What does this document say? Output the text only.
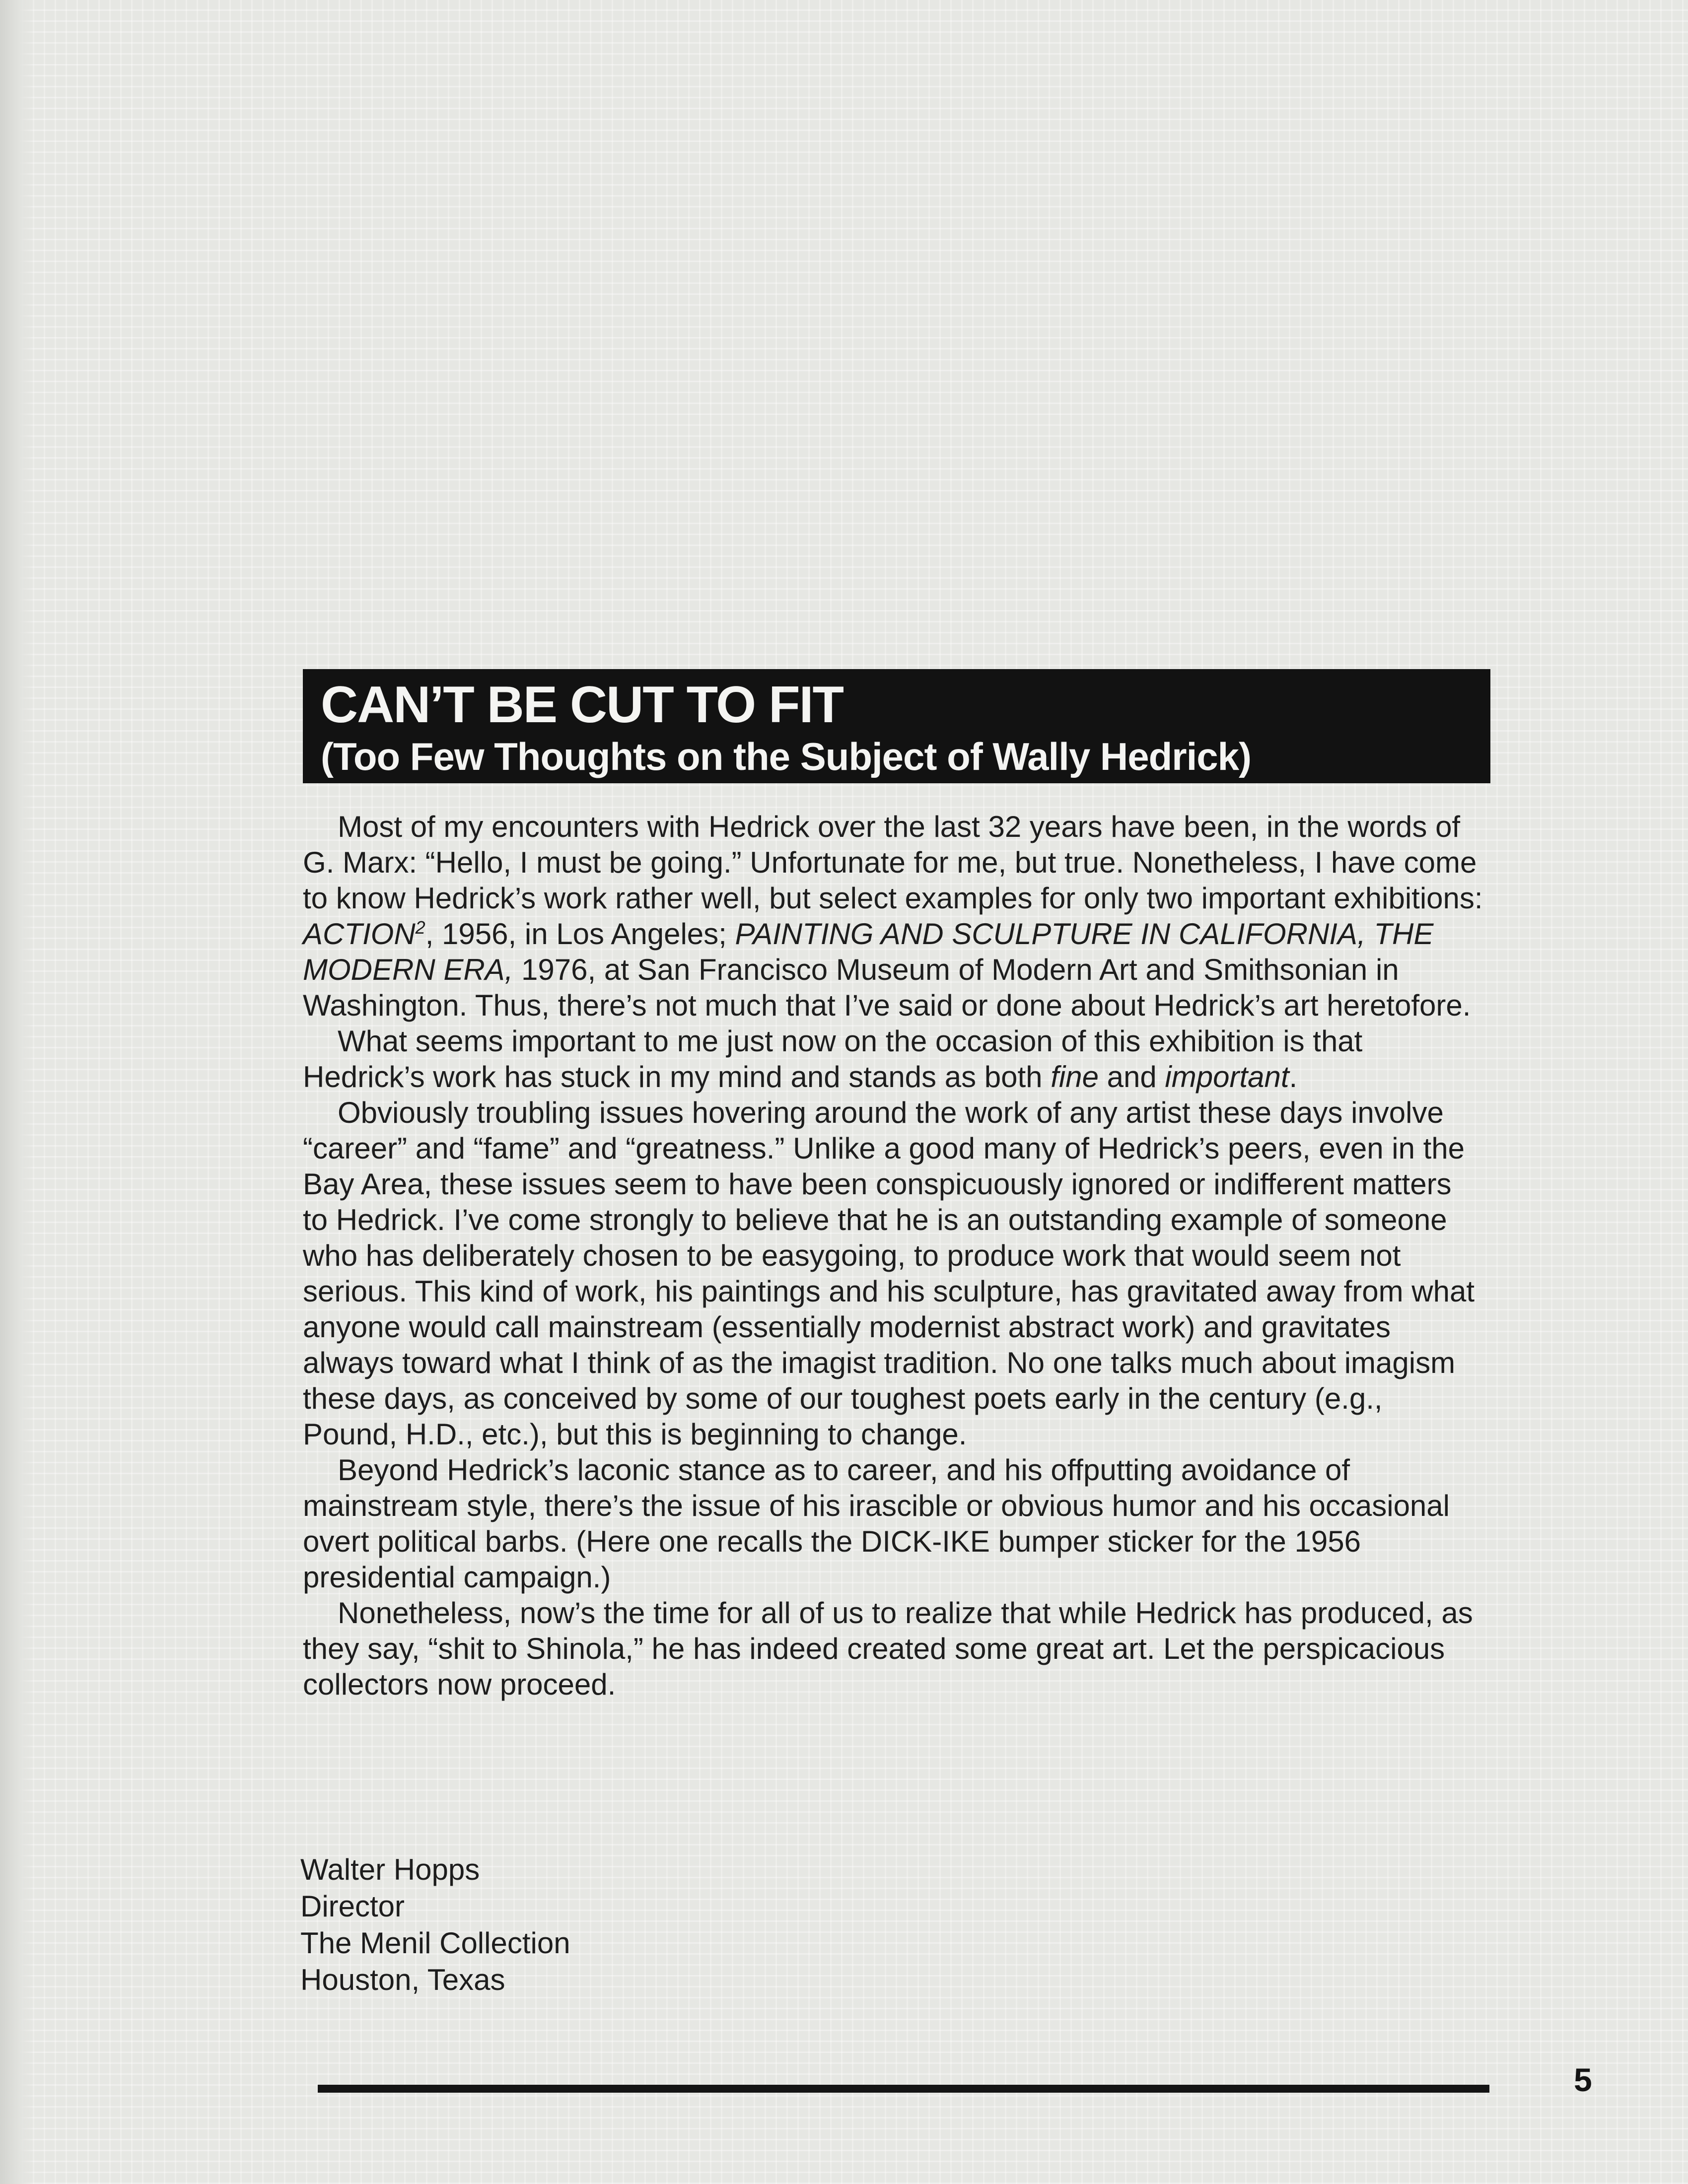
CAN’T BE CUT TO FIT
(Too Few Thoughts on the Subject of Wally Hedrick)

Most of my encounters with Hedrick over the last 32 years have been, in the words of G. Marx: “Hello, I must be going.” Unfortunate for me, but true. Nonetheless, I have come to know Hedrick’s work rather well, but select examples for only two important exhibitions: ACTION$^2$, 1956, in Los Angeles; PAINTING AND SCULPTURE IN CALIFORNIA, THE MODERN ERA, 1976, at San Francisco Museum of Modern Art and Smithsonian in Washington. Thus, there’s not much that I’ve said or done about Hedrick’s art heretofore.

What seems important to me just now on the occasion of this exhibition is that Hedrick’s work has stuck in my mind and stands as both fine and important.

Obviously troubling issues hovering around the work of any artist these days involve “career” and “fame” and “greatness.” Unlike a good many of Hedrick’s peers, even in the Bay Area, these issues seem to have been conspicuously ignored or indifferent matters to Hedrick. I’ve come strongly to believe that he is an outstanding example of someone who has deliberately chosen to be easygoing, to produce work that would seem not serious. This kind of work, his paintings and his sculpture, has gravitated away from what anyone would call mainstream (essentially modernist abstract work) and gravitates always toward what I think of as the imagist tradition. No one talks much about imagism these days, as conceived by some of our toughest poets early in the century (e.g., Pound, H.D., etc.), but this is beginning to change.

Beyond Hedrick’s laconic stance as to career, and his offputting avoidance of mainstream style, there’s the issue of his irascible or obvious humor and his occasional overt political barbs. (Here one recalls the DICK-IKE bumper sticker for the 1956 presidential campaign.)

Nonetheless, now’s the time for all of us to realize that while Hedrick has produced, as they say, “shit to Shinola,” he has indeed created some great art. Let the perspicacious collectors now proceed.

Walter Hopps
Director
The Menil Collection
Houston, Texas
5
